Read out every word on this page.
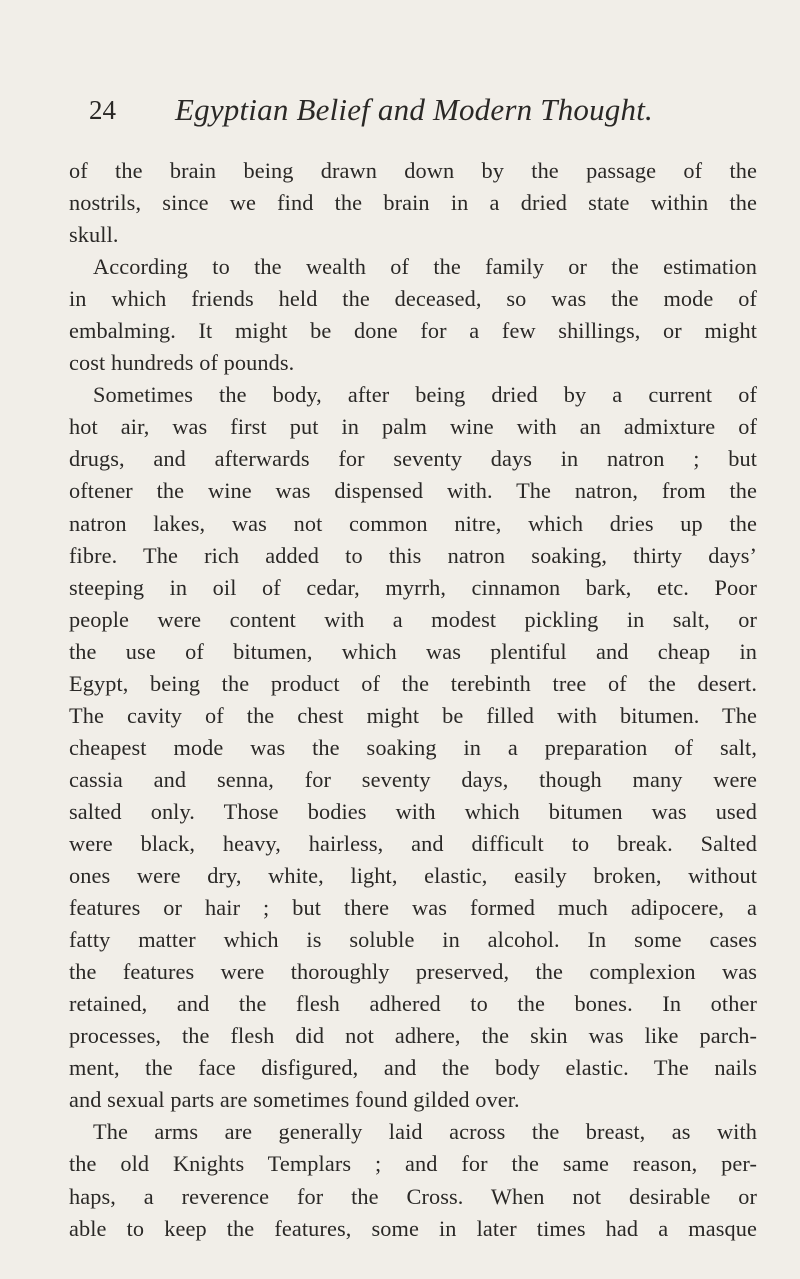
24 Egyptian Belief and Modern Thought.
of the brain being drawn down by the passage of the
nostrils, since we find the brain in a dried state within the
skull.
According to the wealth of the family or the estimation
in which friends held the deceased, so was the mode of
embalming. It might be done for a few shillings, or might
cost hundreds of pounds.
Sometimes the body, after being dried by a current of
hot air, was first put in palm wine with an admixture of
drugs, and afterwards for seventy days in natron ; but
oftener the wine was dispensed with. The natron, from the
natron lakes, was not common nitre, which dries up the
fibre. The rich added to this natron soaking, thirty days’
steeping in oil of cedar, myrrh, cinnamon bark, etc. Poor
people were content with a modest pickling in salt, or
the use of bitumen, which was plentiful and cheap in
Egypt, being the product of the terebinth tree of the desert.
The cavity of the chest might be filled with bitumen. The
cheapest mode was the soaking in a preparation of salt,
cassia and senna, for seventy days, though many were
salted only. Those bodies with which bitumen was used
were black, heavy, hairless, and difficult to break. Salted
ones were dry, white, light, elastic, easily broken, without
features or hair ; but there was formed much adipocere, a
fatty matter which is soluble in alcohol. In some cases
the features were thoroughly preserved, the complexion was
retained, and the flesh adhered to the bones. In other
processes, the flesh did not adhere, the skin was like parch-
ment, the face disfigured, and the body elastic. The nails
and sexual parts are sometimes found gilded over.
The arms are generally laid across the breast, as with
the old Knights Templars ; and for the same reason, per-
haps, a reverence for the Cross. When not desirable or
able to keep the features, some in later times had a masque
